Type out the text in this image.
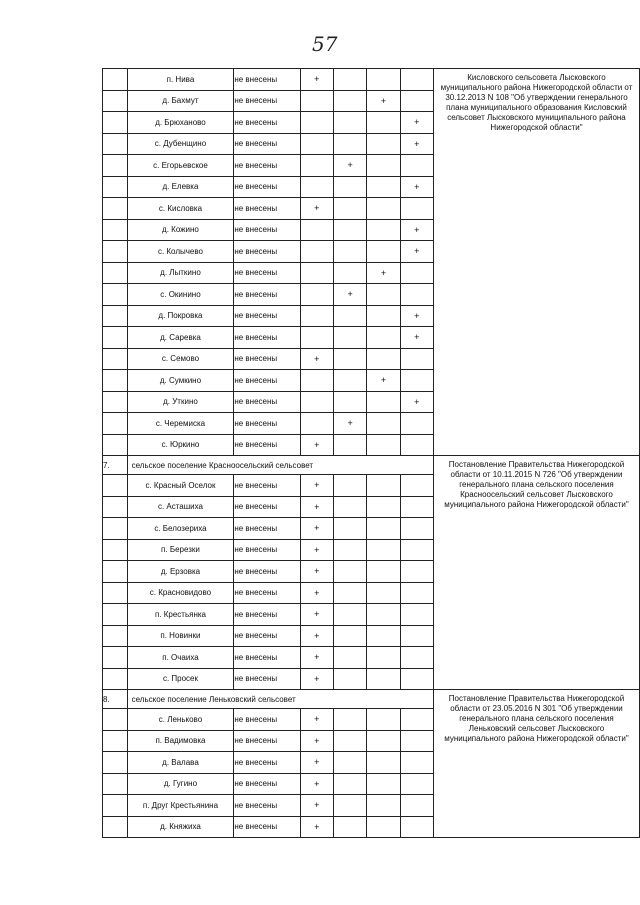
57
	п. Нива	не внесены	+				Кисловского сельсовета Лысковского муниципального района Нижегородской области от 30.12.2013 N 108 "Об утверждении генерального плана муниципального образования Кисловский сельсовет Лысковского муниципального района Нижегородской области"
	д. Бахмут	не внесены			+		
	д. Брюханово	не внесены				+	
	с. Дубенщино	не внесены				+	
	с. Егорьевское	не внесены		+			
	д. Елевка	не внесены				+	
	с. Кисловка	не внесены	+				
	д. Кожино	не внесены				+	
	с. Колычево	не внесены				+	
	д. Лыткино	не внесены			+		
	с. Окинино	не внесены		+			
	д. Покровка	не внесены				+	
	д. Саревка	не внесены				+	
	с. Семово	не внесены	+				
	д. Сумкино	не внесены			+		
	д. Уткино	не внесены				+	
	с. Черемиска	не внесены		+			
	с. Юркино	не внесены	+				
7.	сельское поселение Красноосельский сельсовет						Постановление Правительства Нижегородской области от 10.11.2015 N 726 "Об утверждении генерального плана сельского поселения Красноосельский сельсовет Лысковского муниципального района Нижегородской области"
	с. Красный Оселок	не внесены	+				
	с. Асташиха	не внесены	+				
	с. Белозериха	не внесены	+				
	п. Березки	не внесены	+				
	д. Ерзовка	не внесены	+				
	с. Красновидово	не внесены	+				
	п. Крестьянка	не внесены	+				
	п. Новинки	не внесены	+				
	п. Очаиха	не внесены	+				
	с. Просек	не внесены	+				
8.	сельское поселение Леньковский сельсовет						Постановление Правительства Нижегородской области от 23.05.2016 N 301 "Об утверждении генерального плана сельского поселения Леньковский сельсовет Лысковского муниципального района Нижегородской области"
	с. Леньково	не внесены	+				
	п. Вадимовка	не внесены	+				
	д. Валава	не внесены	+				
	д. Гугино	не внесены	+				
	п. Друг Крестьянина	не внесены	+				
	д. Княжиха	не внесены	+				
